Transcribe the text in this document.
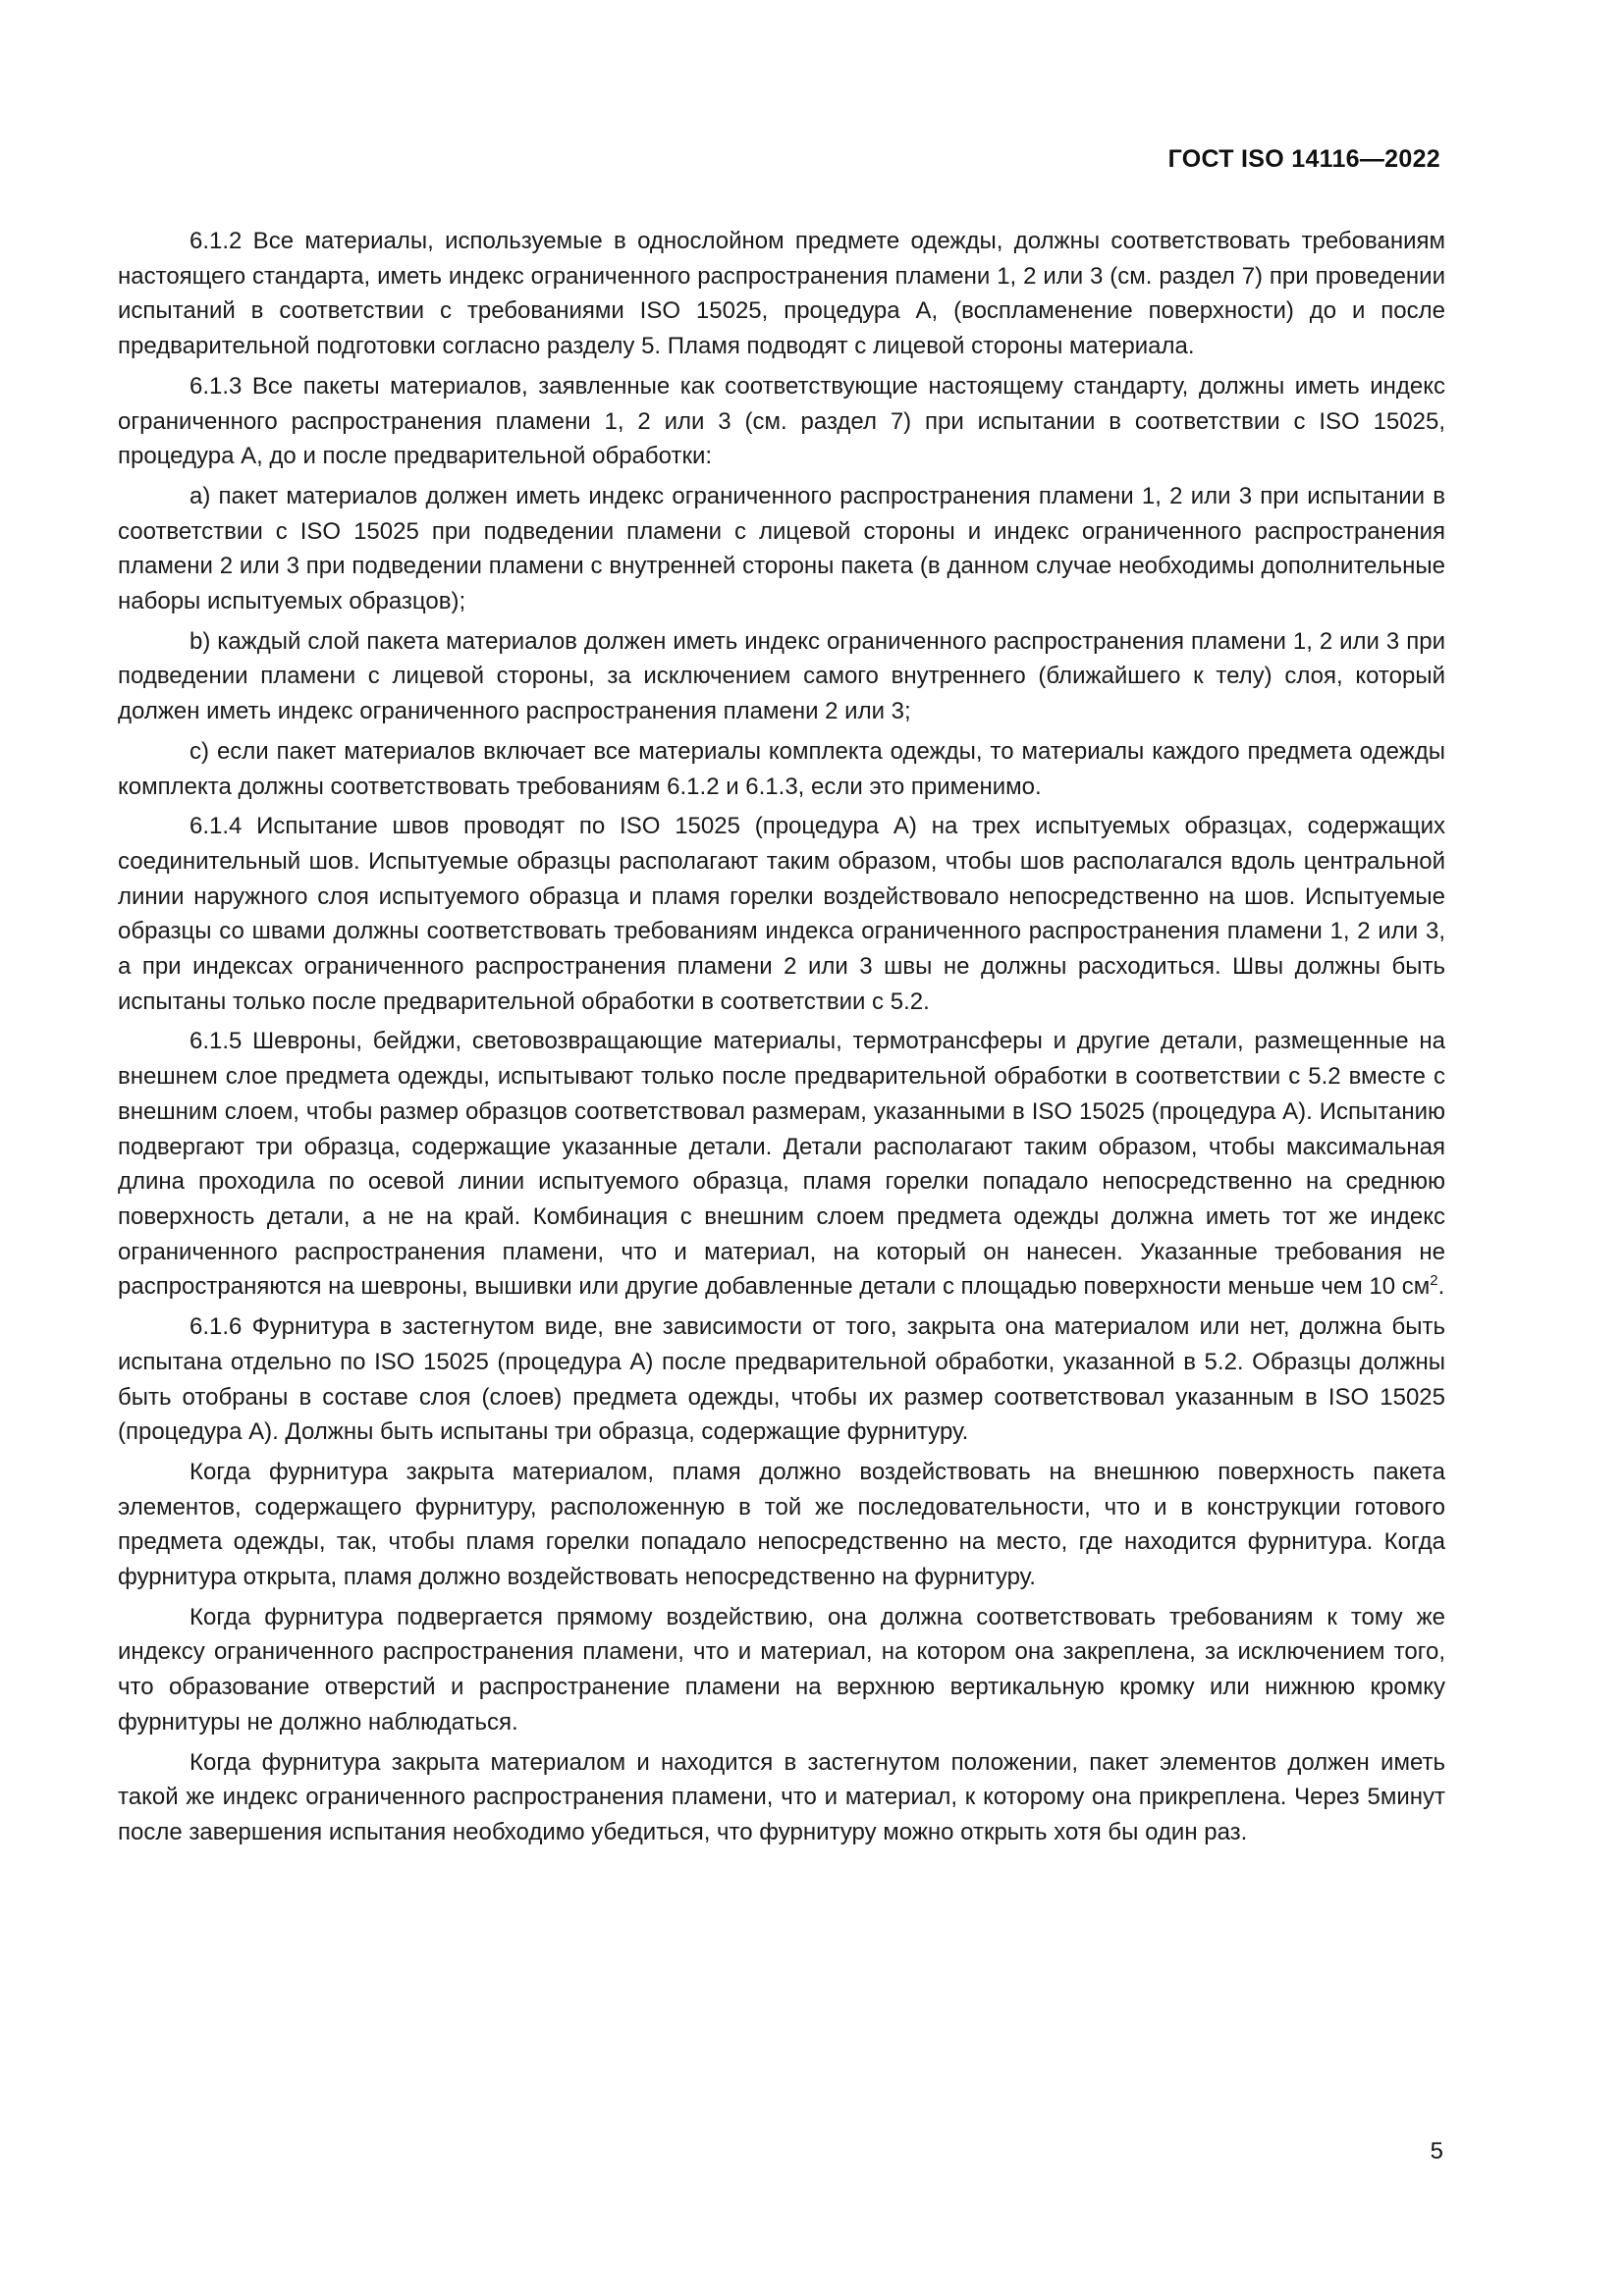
ГОСТ ISO 14116—2022

6.1.2 Все материалы, используемые в однослойном предмете одежды, должны соответствовать требованиям настоящего стандарта, иметь индекс ограниченного распространения пламени 1, 2 или 3 (см. раздел 7) при проведении испытаний в соответствии с требованиями ISO 15025, процедура А, (воспламенение поверхности) до и после предварительной подготовки согласно разделу 5. Пламя подводят с лицевой стороны материала.

6.1.3 Все пакеты материалов, заявленные как соответствующие настоящему стандарту, должны иметь индекс ограниченного распространения пламени 1, 2 или 3 (см. раздел 7) при испытании в соответствии с ISO 15025, процедура А, до и после предварительной обработки:

a) пакет материалов должен иметь индекс ограниченного распространения пламени 1, 2 или 3 при испытании в соответствии с ISO 15025 при подведении пламени с лицевой стороны и индекс ограниченного распространения пламени 2 или 3 при подведении пламени с внутренней стороны пакета (в данном случае необходимы дополнительные наборы испытуемых образцов);

b) каждый слой пакета материалов должен иметь индекс ограниченного распространения пламени 1, 2 или 3 при подведении пламени с лицевой стороны, за исключением самого внутреннего (ближайшего к телу) слоя, который должен иметь индекс ограниченного распространения пламени 2 или 3;

c) если пакет материалов включает все материалы комплекта одежды, то материалы каждого предмета одежды комплекта должны соответствовать требованиям 6.1.2 и 6.1.3, если это применимо.

6.1.4 Испытание швов проводят по ISO 15025 (процедура А) на трех испытуемых образцах, содержащих соединительный шов. Испытуемые образцы располагают таким образом, чтобы шов располагался вдоль центральной линии наружного слоя испытуемого образца и пламя горелки воздействовало непосредственно на шов. Испытуемые образцы со швами должны соответствовать требованиям индекса ограниченного распространения пламени 1, 2 или 3, а при индексах ограниченного распространения пламени 2 или 3 швы не должны расходиться. Швы должны быть испытаны только после предварительной обработки в соответствии с 5.2.

6.1.5 Шевроны, бейджи, световозвращающие материалы, термотрансферы и другие детали, размещенные на внешнем слое предмета одежды, испытывают только после предварительной обработки в соответствии с 5.2 вместе с внешним слоем, чтобы размер образцов соответствовал размерам, указанными в ISO 15025 (процедура А). Испытанию подвергают три образца, содержащие указанные детали. Детали располагают таким образом, чтобы максимальная длина проходила по осевой линии испытуемого образца, пламя горелки попадало непосредственно на среднюю поверхность детали, а не на край. Комбинация с внешним слоем предмета одежды должна иметь тот же индекс ограниченного распространения пламени, что и материал, на который он нанесен. Указанные требования не распространяются на шевроны, вышивки или другие добавленные детали с площадью поверхности меньше чем 10 $см^2$.

6.1.6 Фурнитура в застегнутом виде, вне зависимости от того, закрыта она материалом или нет, должна быть испытана отдельно по ISO 15025 (процедура А) после предварительной обработки, указанной в 5.2. Образцы должны быть отобраны в составе слоя (слоев) предмета одежды, чтобы их размер соответствовал указанным в ISO 15025 (процедура А). Должны быть испытаны три образца, содержащие фурнитуру.

Когда фурнитура закрыта материалом, пламя должно воздействовать на внешнюю поверхность пакета элементов, содержащего фурнитуру, расположенную в той же последовательности, что и в конструкции готового предмета одежды, так, чтобы пламя горелки попадало непосредственно на место, где находится фурнитура. Когда фурнитура открыта, пламя должно воздействовать непосредственно на фурнитуру.

Когда фурнитура подвергается прямому воздействию, она должна соответствовать требованиям к тому же индексу ограниченного распространения пламени, что и материал, на котором она закреплена, за исключением того, что образование отверстий и распространение пламени на верхнюю вертикальную кромку или нижнюю кромку фурнитуры не должно наблюдаться.

Когда фурнитура закрыта материалом и находится в застегнутом положении, пакет элементов должен иметь такой же индекс ограниченного распространения пламени, что и материал, к которому она прикреплена. Через 5минут после завершения испытания необходимо убедиться, что фурнитуру можно открыть хотя бы один раз.

5
